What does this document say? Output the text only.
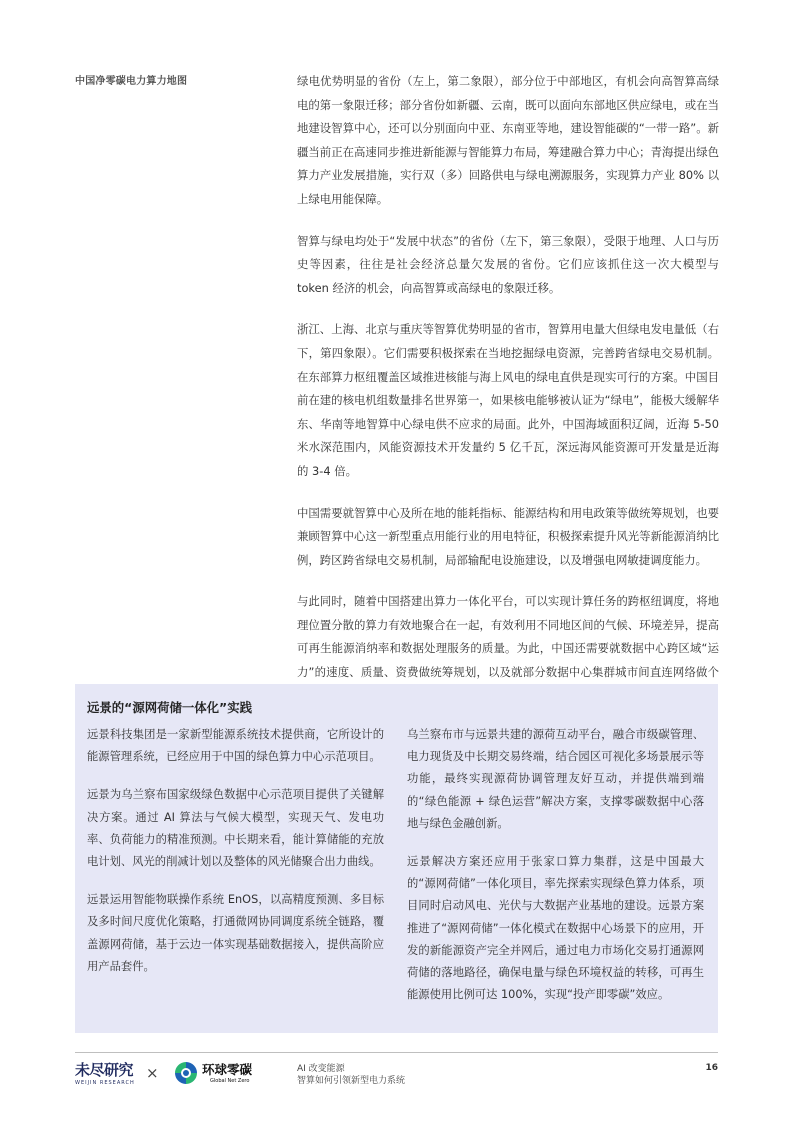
中国净零碳电力算力地图	绿电优势明显的省份（左上，第二象限），部分位于中部地区，有机会向高智算高绿电的第一象限迁移；部分省份如新疆、云南，既可以面向东部地区供应绿电，或在当地建设智算中心，还可以分别面向中亚、东南亚等地，建设智能碳的“一带一路”。新疆当前正在高速同步推进新能源与智能算力布局，筹建融合算力中心；青海提出绿色算力产业发展措施，实行双（多）回路供电与绿电溯源服务，实现算力产业 80% 以上绿电用能保障。

智算与绿电均处于“发展中状态”的省份（左下，第三象限），受限于地理、人口与历史等因素，往往是社会经济总量欠发展的省份。它们应该抓住这一次大模型与 token 经济的机会，向高智算或高绿电的象限迁移。

浙江、上海、北京与重庆等智算优势明显的省市，智算用电量大但绿电发电量低（右下，第四象限）。它们需要积极探索在当地挖掘绿电资源，完善跨省绿电交易机制。在东部算力枢纽覆盖区域推进核能与海上风电的绿电直供是现实可行的方案。中国目前在建的核电机组数量排名世界第一，如果核电能够被认证为“绿电”，能极大缓解华东、华南等地智算中心绿电供不应求的局面。此外，中国海域面积辽阔，近海 5-50 米水深范围内，风能资源技术开发量约 5 亿千瓦，深远海风能资源可开发量是近海的 3-4 倍。

中国需要就智算中心及所在地的能耗指标、能源结构和用电政策等做统筹规划，也要兼顾智算中心这一新型重点用能行业的用电特征，积极探索提升风光等新能源消纳比例，跨区跨省绿电交易机制，局部输配电设施建设，以及增强电网敏捷调度能力。

与此同时，随着中国搭建出算力一体化平台，可以实现计算任务的跨枢纽调度，将地理位置分散的算力有效地聚合在一起，有效利用不同地区间的气候、环境差异，提高可再生能源消纳率和数据处理服务的质量。为此，中国还需要就数据中心跨区域“运力”的速度、质量、资费做统筹规划，以及就部分数据中心集群城市间直连网络做个

远景的“源网荷储一体化”实践

远景科技集团是一家新型能源系统技术提供商，它所设计的能源管理系统，已经应用于中国的绿色算力中心示范项目。

远景为乌兰察布国家级绿色数据中心示范项目提供了关键解决方案。通过 AI 算法与气候大模型，实现天气、发电功率、负荷能力的精准预测。中长期来看，能计算储能的充放电计划、风光的削减计划以及整体的风光储聚合出力曲线。

远景运用智能物联操作系统 EnOS，以高精度预测、多目标及多时间尺度优化策略，打通微网协同调度系统全链路，覆盖源网荷储，基于云边一体实现基础数据接入，提供高阶应用产品套件。

乌兰察布市与远景共建的源荷互动平台，融合市级碳管理、电力现货及中长期交易终端，结合园区可视化多场景展示等功能，最终实现源荷协调管理友好互动，并提供端到端的“绿色能源 + 绿色运营”解决方案，支撑零碳数据中心落地与绿色金融创新。

远景解决方案还应用于张家口算力集群，这是中国最大的“源网荷储”一体化项目，率先探索实现绿色算力体系，项目同时启动风电、光伏与大数据产业基地的建设。远景方案推进了“源网荷储”一体化模式在数据中心场景下的应用，开发的新能源资产完全并网后，通过电力市场化交易打通源网荷储的落地路径，确保电量与绿色环境权益的转移，可再生能源使用比例可达 100%，实现“投产即零碳”效应。

未尽研究
WEIJIN RESEARCH
×	环球零碳
Global Net Zero
AI 改变能源
智算如何引领新型电力系统
16
